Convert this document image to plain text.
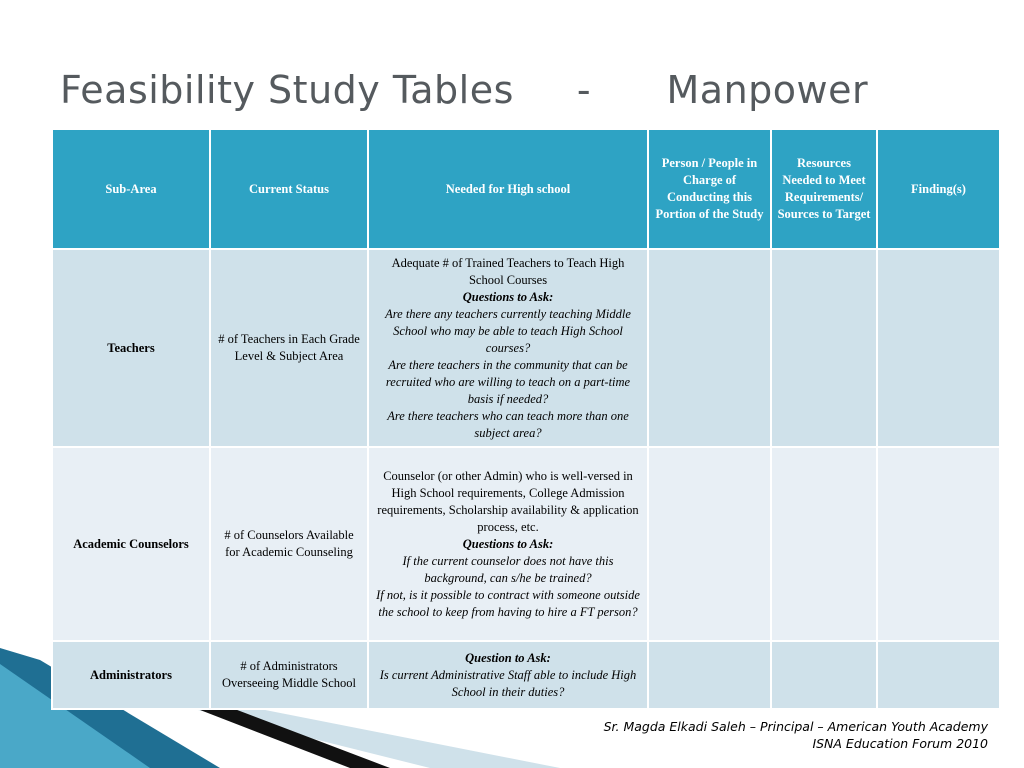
Feasibility Study Tables     -      Manpower
Sub-Area	Current Status	Needed for High school	Person / People in Charge of Conducting this Portion of the Study	Resources Needed to Meet Requirements/ Sources to Target	Finding(s)
Teachers	# of Teachers in Each Grade Level & Subject Area	Adequate # of Trained Teachers to Teach High School Courses
Questions to Ask:
Are there any teachers currently teaching Middle School who may be able to teach High School courses?
Are there teachers in the community that can be recruited who are willing to teach on a part-time basis if needed?
Are there teachers who can teach more than one subject area?			

Academic Counselors	# of Counselors Available for Academic Counseling	Counselor (or other Admin) who is well-versed in High School requirements, College Admission requirements, Scholarship availability & application process, etc.
Questions to Ask:
If the current counselor does not have this background, can s/he be trained?
If not, is it possible to contract with someone outside the school to keep from having to hire a FT person?			

Administrators	# of Administrators Overseeing Middle School	Question to Ask:
Is current Administrative Staff able to include High School in their duties?			

Sr. Magda Elkadi Saleh – Principal – American Youth Academy
ISNA Education Forum 2010
